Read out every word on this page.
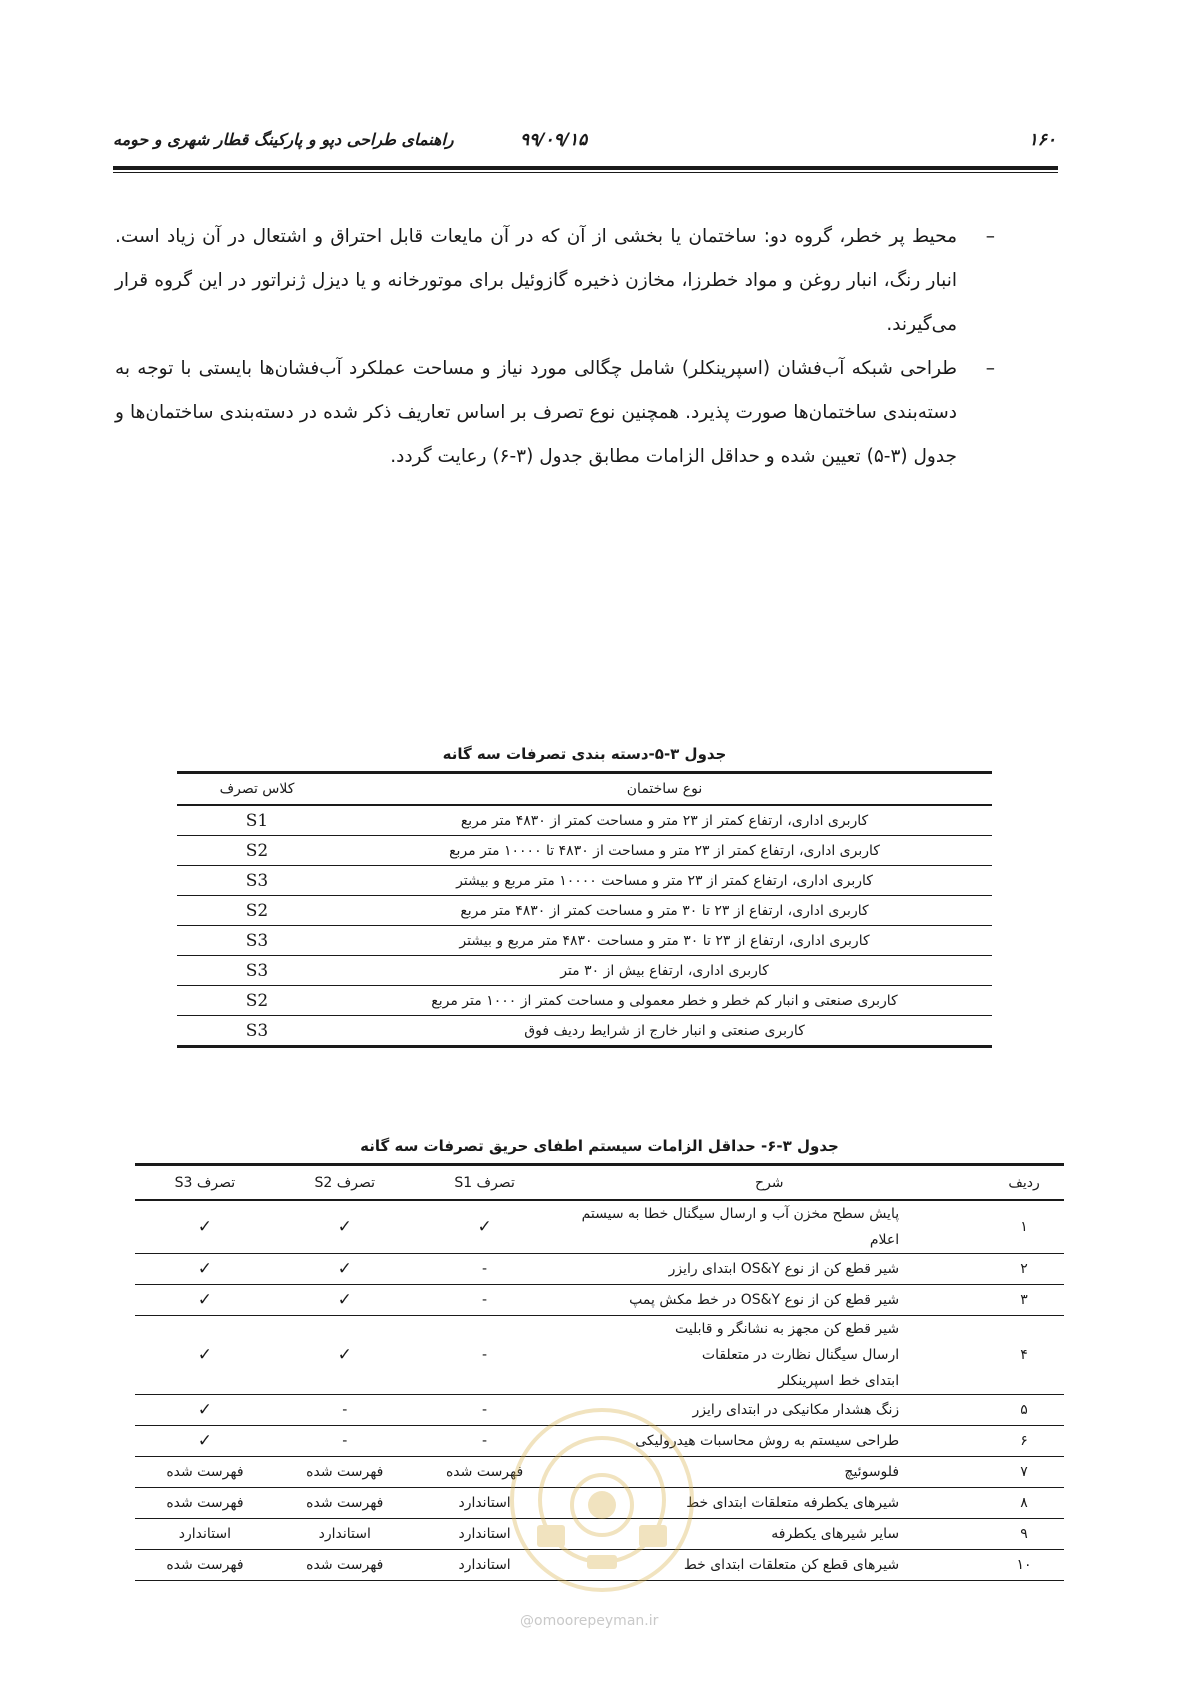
۱۶۰
۹۹/۰۹/۱۵
راهنمای طراحی دپو و پارکینگ قطار شهری و حومه
–
محیط پر خطر، گروه دو: ساختمان یا بخشی از آن که در آن مایعات قابل احتراق و اشتعال در آن زیاد است. انبار رنگ، انبار روغن و مواد خطرزا، مخازن ذخیره گازوئیل برای موتورخانه و یا دیزل ژنراتور در این گروه قرار می‌گیرند.
–
طراحی شبکه آب‌فشان (اسپرینکلر) شامل چگالی مورد نیاز و مساحت عملکرد آب‌فشان‌ها بایستی با توجه به دسته‌بندی ساختمان‌ها صورت پذیرد. همچنین نوع تصرف بر اساس تعاریف ذکر شده در دسته‌بندی ساختمان‌ها و جدول (۳-۵) تعیین شده و حداقل الزامات مطابق جدول (۳-۶) رعایت گردد.
جدول ۳-۵-دسته بندی تصرفات سه گانه
نوع ساختمان	کلاس تصرف
کاربری اداری، ارتفاع کمتر از ۲۳ متر و مساحت کمتر از ۴۸۳۰ متر مربع	S1
کاربری اداری، ارتفاع کمتر از ۲۳ متر و مساحت از ۴۸۳۰ تا ۱۰۰۰۰ متر مربع	S2
کاربری اداری، ارتفاع کمتر از ۲۳ متر و مساحت ۱۰۰۰۰ متر مربع و بیشتر	S3
کاربری اداری، ارتفاع از ۲۳ تا ۳۰ متر و مساحت کمتر از ۴۸۳۰ متر مربع	S2
کاربری اداری، ارتفاع از ۲۳ تا ۳۰ متر و مساحت ۴۸۳۰ متر مربع و بیشتر	S3
کاربری اداری، ارتفاع بیش از ۳۰ متر	S3
کاربری صنعتی و انبار کم خطر و خطر معمولی و مساحت کمتر از ۱۰۰۰ متر مربع	S2
کاربری صنعتی و انبار خارج از شرایط ردیف فوق	S3
جدول ۳-۶- حداقل الزامات سیستم اطفای حریق تصرفات سه گانه
ردیف	شرح	تصرف S1	تصرف S2	تصرف S3
۱	پایش سطح مخزن آب و ارسال سیگنال خطا به سیستم اعلام	✓	✓	✓
۲	شیر قطع کن از نوع OS&Y ابتدای رایزر	-	✓	✓
۳	شیر قطع کن از نوع OS&Y در خط مکش پمپ	-	✓	✓
۴	شیر قطع کن مجهز به نشانگر و قابلیت ارسال سیگنال نظارت در متعلقات ابتدای خط اسپرینکلر	-	✓	✓
۵	زنگ هشدار مکانیکی در ابتدای رایزر	-	-	✓
۶	طراحی سیستم به روش محاسبات هیدرولیکی	-	-	✓
۷	فلوسوئیچ	فهرست شده	فهرست شده	فهرست شده
۸	شیرهای یکطرفه متعلقات ابتدای خط	استاندارد	فهرست شده	فهرست شده
۹	سایر شیرهای یکطرفه	استاندارد	استاندارد	استاندارد
۱۰	شیرهای قطع کن متعلقات ابتدای خط	استاندارد	فهرست شده	فهرست شده
@omoorepeyman.ir
